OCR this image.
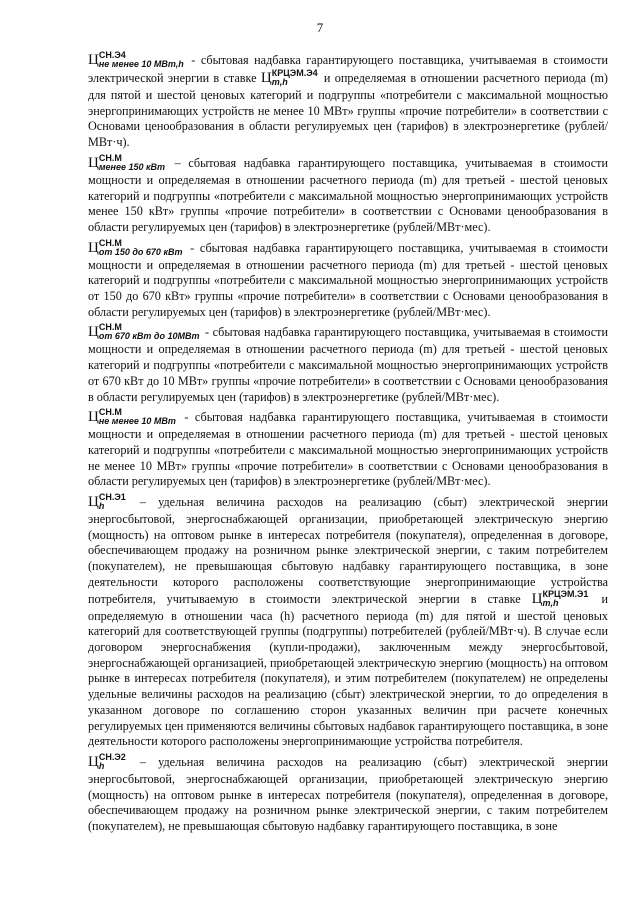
7

Ц СН.Э4
не менее 10 МВт,h - сбытовая надбавка гарантирующего поставщика, учитываемая в стоимости электрической энергии в ставке Ц КРЦЭМ.Э4
m,h	и определяемая в отношении расчетного периода (m) для пятой и шестой ценовых категорий и подгруппы «потребители с максимальной мощностью энергопринимающих устройств не менее 10 МВт» группы «прочие потребители» в соответствии с Основами ценообразования в области регулируемых цен (тарифов) в электроэнергетике (рублей/МВт·ч).

Ц СН.М
менее 150 кВт – сбытовая надбавка гарантирующего поставщика, учитываемая в стоимости мощности и определяемая в отношении расчетного периода (m) для третьей - шестой ценовых категорий и подгруппы «потребители с максимальной мощностью энергопринимающих устройств менее 150 кВт» группы «прочие потребители» в соответствии с Основами ценообразования в области регулируемых цен (тарифов) в электроэнергетике (рублей/МВт·мес).

Ц СН.М
от 150 до 670 кВт - сбытовая надбавка гарантирующего поставщика, учитываемая в стоимости мощности и определяемая в отношении расчетного периода (m) для третьей - шестой ценовых категорий и подгруппы «потребители с максимальной мощностью энергопринимающих устройств от 150 до 670 кВт» группы «прочие потребители» в соответствии с Основами ценообразования в области регулируемых цен (тарифов) в электроэнергетике (рублей/МВт·мес).

Ц СН.М
от 670 кВт до 10МВт - сбытовая надбавка гарантирующего поставщика, учитываемая в стоимости мощности и определяемая в отношении расчетного периода (m) для третьей - шестой ценовых категорий и подгруппы «потребители с максимальной мощностью энергопринимающих устройств от 670 кВт до 10 МВт» группы «прочие потребители» в соответствии с Основами ценообразования в области регулируемых цен (тарифов) в электроэнергетике (рублей/МВт·мес).

Ц СН.М
не менее 10 МВт - сбытовая надбавка гарантирующего поставщика, учитываемая в стоимости мощности и определяемая в отношении расчетного периода (m) для третьей - шестой ценовых категорий и подгруппы «потребители с максимальной мощностью энергопринимающих устройств не менее 10 МВт» группы «прочие потребители» в соответствии с Основами ценообразования в области регулируемых цен (тарифов) в электроэнергетике (рублей/МВт·мес).

Ц СН.Э1
h	– удельная величина расходов на реализацию (сбыт) электрической энергии энергосбытовой, энергоснабжающей организации, приобретающей электрическую энергию (мощность) на оптовом рынке в интересах потребителя (покупателя), определенная в договоре, обеспечивающем продажу на розничном рынке электрической энергии, с таким потребителем (покупателем), не превышающая сбытовую надбавку гарантирующего поставщика, в зоне деятельности которого расположены соответствующие энергопринимающие устройства потребителя, учитываемую в стоимости электрической энергии в ставке Ц КРЦЭМ.Э1
m,h	и определяемую в отношении часа (h) расчетного периода (m) для пятой и шестой ценовых категорий для соответствующей группы (подгруппы) потребителей (рублей/МВт·ч). В случае если договором энергоснабжения (купли-продажи), заключенным между энергосбытовой, энергоснабжающей организацией, приобретающей электрическую энергию (мощность) на оптовом рынке в интересах потребителя (покупателя), и этим потребителем (покупателем) не определены удельные величины расходов на реализацию (сбыт) электрической энергии, то до определения в указанном договоре по соглашению сторон указанных величин при расчете конечных регулируемых цен применяются величины сбытовых надбавок гарантирующего поставщика, в зоне деятельности которого расположены энергопринимающие устройства потребителя.

Ц СН.Э2
h	– удельная величина расходов на реализацию (сбыт) электрической энергии энергосбытовой, энергоснабжающей организации, приобретающей электрическую энергию (мощность) на оптовом рынке в интересах потребителя (покупателя), определенная в договоре, обеспечивающем продажу на розничном рынке электрической энергии, с таким потребителем (покупателем), не превышающая сбытовую надбавку гарантирующего поставщика, в зоне
